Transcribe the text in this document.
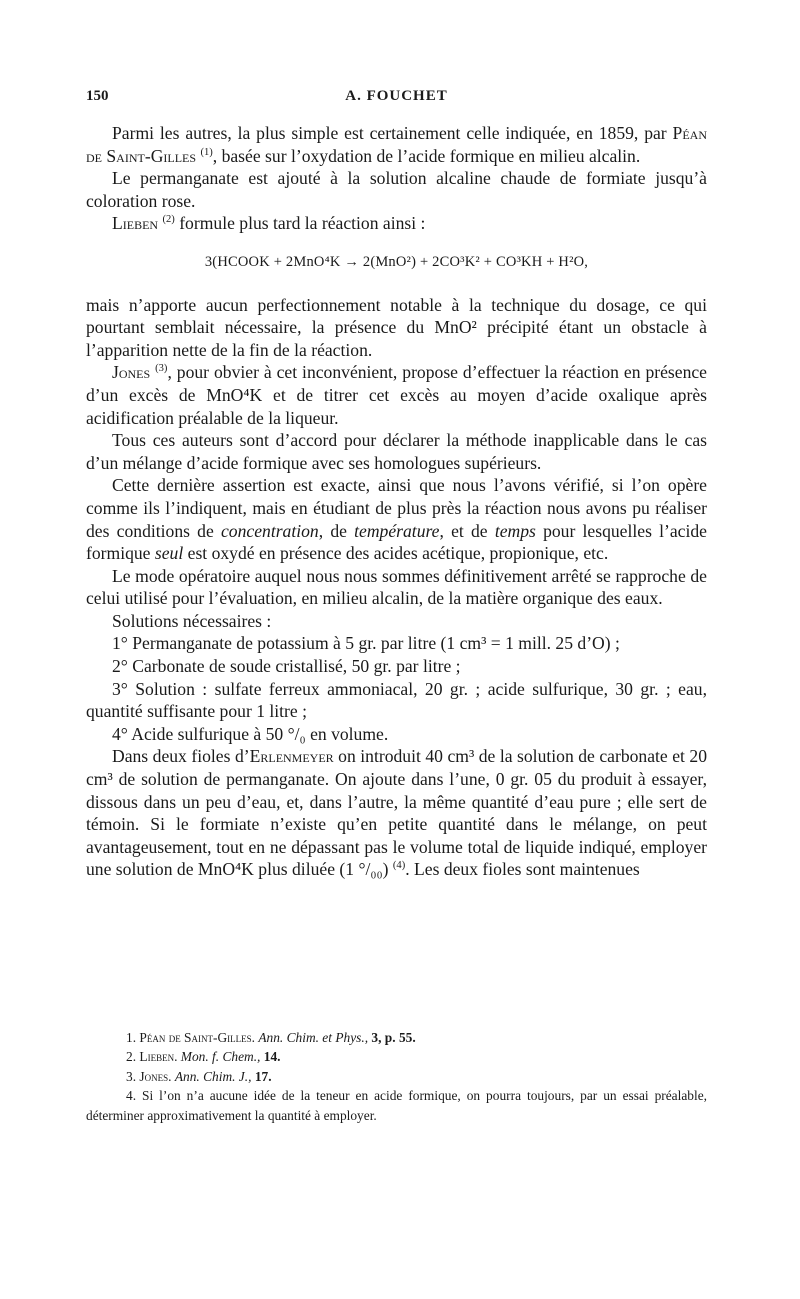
150	A. FOUCHET

Parmi les autres, la plus simple est certainement celle indiquée, en 1859, par Péan de Saint-Gilles $^{(1)}$, basée sur l’oxydation de l’acide formique en milieu alcalin.

Le permanganate est ajouté à la solution alcaline chaude de formiate jusqu’à coloration rose.

Lieben $^{(2)}$ formule plus tard la réaction ainsi :

3(HCOOK + 2MnO⁴K → 2(MnO²) + 2CO³K² + CO³KH + H²O,

mais n’apporte aucun perfectionnement notable à la technique du dosage, ce qui pourtant semblait nécessaire, la présence du MnO² précipité étant un obstacle à l’apparition nette de la fin de la réaction.

Jones $^{(3)}$, pour obvier à cet inconvénient, propose d’effectuer la réaction en présence d’un excès de MnO⁴K et de titrer cet excès au moyen d’acide oxalique après acidification préalable de la liqueur.

Tous ces auteurs sont d’accord pour déclarer la méthode inapplicable dans le cas d’un mélange d’acide formique avec ses homologues supérieurs.

Cette dernière assertion est exacte, ainsi que nous l’avons vérifié, si l’on opère comme ils l’indiquent, mais en étudiant de plus près la réaction nous avons pu réaliser des conditions de concentration, de température, et de temps pour lesquelles l’acide formique seul est oxydé en présence des acides acétique, propionique, etc.

Le mode opératoire auquel nous nous sommes définitivement arrêté se rapproche de celui utilisé pour l’évaluation, en milieu alcalin, de la matière organique des eaux.

Solutions nécessaires :

1° Permanganate de potassium à 5 gr. par litre (1 cm³ = 1 mill. 25 d’O) ;

2° Carbonate de soude cristallisé, 50 gr. par litre ;

3° Solution : sulfate ferreux ammoniacal, 20 gr. ; acide sulfurique, 30 gr. ; eau, quantité suffisante pour 1 litre ;

4° Acide sulfurique à 50 °/₀ en volume.

Dans deux fioles d’Erlenmeyer on introduit 40 cm³ de la solution de carbonate et 20 cm³ de solution de permanganate. On ajoute dans l’une, 0 gr. 05 du produit à essayer, dissous dans un peu d’eau, et, dans l’autre, la même quantité d’eau pure ; elle sert de témoin. Si le formiate n’existe qu’en petite quantité dans le mélange, on peut avantageusement, tout en ne dépassant pas le volume total de liquide indiqué, employer une solution de MnO⁴K plus diluée (1 °/₀₀) $^{(4)}$. Les deux fioles sont maintenues

1. Péan de Saint-Gilles. Ann. Chim. et Phys., 3, p. 55.

2. Lieben. Mon. f. Chem., 14.

3. Jones. Ann. Chim. J., 17.

4. Si l’on n’a aucune idée de la teneur en acide formique, on pourra toujours, par un essai préalable, déterminer approximativement la quantité à employer.
